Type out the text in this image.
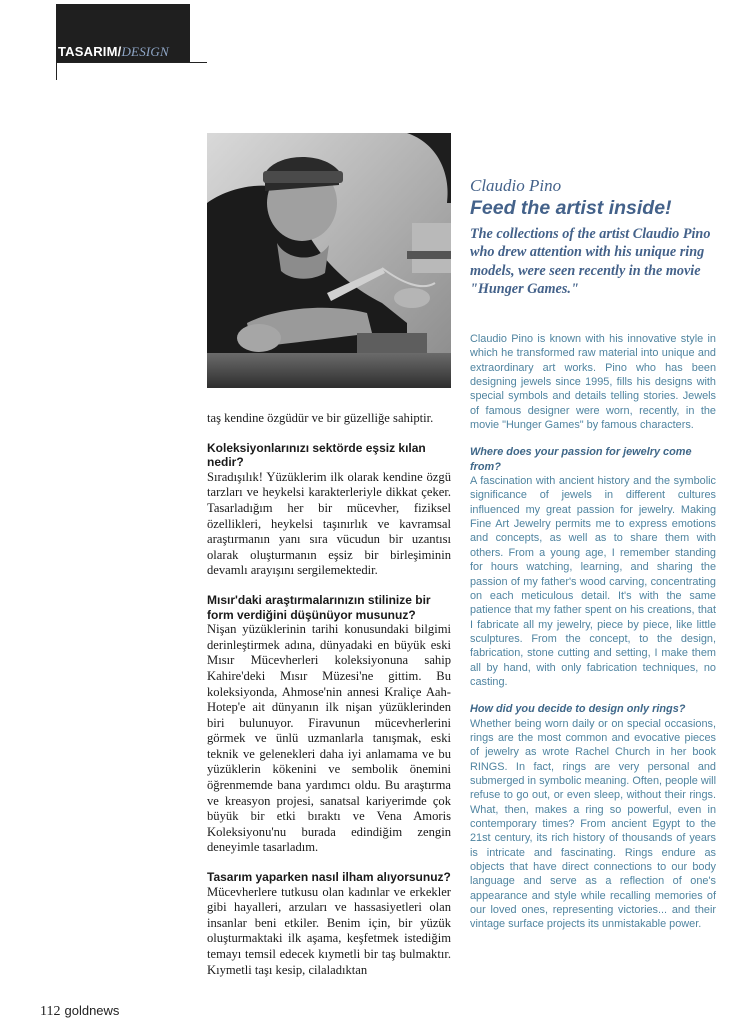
TASARIM/DESIGN

taş kendine özgüdür ve bir güzelliğe sahiptir.

Koleksiyonlarınızı sektörde eşsiz kılan nedir?

Sıradışılık! Yüzüklerim ilk olarak kendine özgü tarzları ve heykelsi karakterleriyle dikkat çeker. Tasarladığım her bir mücevher, fiziksel özellikleri, heykelsi taşınırlık ve kavramsal araştırmanın yanı sıra vücudun bir uzantısı olarak oluşturmanın eşsiz bir birleşiminin devamlı arayışını sergilemektedir.

Mısır'daki araştırmalarınızın stilinize bir form verdiğini düşünüyor musunuz?

Nişan yüzüklerinin tarihi konusundaki bilgimi derinleştirmek adına, dünyadaki en büyük eski Mısır Mücevherleri koleksiyonuna sahip Kahire'deki Mısır Müzesi'ne gittim. Bu koleksiyonda, Ahmose'nin annesi Kraliçe Aah-Hotep'e ait dünyanın ilk nişan yüzüklerinden biri bulunuyor. Firavunun mücevherlerini görmek ve ünlü uzmanlarla tanışmak, eski teknik ve gelenekleri daha iyi anlamama ve bu yüzüklerin kökenini ve sembolik önemini öğrenmemde bana yardımcı oldu. Bu araştırma ve kreasyon projesi, sanatsal kariyerimde çok büyük bir etki bıraktı ve Vena Amoris Koleksiyonu'nu burada edindiğim zengin deneyimle tasarladım.

Tasarım yaparken nasıl ilham alıyorsunuz?

Mücevherlere tutkusu olan kadınlar ve erkekler gibi hayalleri, arzuları ve hassasiyetleri olan insanlar beni etkiler. Benim için, bir yüzük oluşturmaktaki ilk aşama, keşfetmek istediğim temayı temsil edecek kıymetli bir taş bulmaktır. Kıymetli taşı kesip, cilaladıktan

Claudio Pino
Feed the artist inside!
The collections of the artist Claudio Pino who drew attention with his unique ring models, were seen recently in the movie "Hunger Games."

Claudio Pino is known with his innovative style in which he transformed raw material into unique and extraordinary art works. Pino who has been designing jewels since 1995, fills his designs with special symbols and details telling stories. Jewels of famous designer were worn, recently, in the movie "Hunger Games" by famous characters.

Where does your passion for jewelry come from?

A fascination with ancient history and the symbolic significance of jewels in different cultures influenced my great passion for jewelry. Making Fine Art Jewelry permits me to express emotions and concepts, as well as to share them with others. From a young age, I remember standing for hours watching, learning, and sharing the passion of my father's wood carving, concentrating on each meticulous detail. It's with the same patience that my father spent on his creations, that I fabricate all my jewelry, piece by piece, like little sculptures. From the concept, to the design, fabrication, stone cutting and setting, I make them all by hand, with only fabrication techniques, no casting.

How did you decide to design only rings?

Whether being worn daily or on special occasions, rings are the most common and evocative pieces of jewelry as wrote Rachel Church in her book RINGS. In fact, rings are very personal and submerged in symbolic meaning. Often, people will refuse to go out, or even sleep, without their rings. What, then, makes a ring so powerful, even in contemporary times? From ancient Egypt to the 21st century, its rich history of thousands of years is intricate and fascinating. Rings endure as objects that have direct connections to our body language and serve as a reflection of one's appearance and style while recalling memories of our loved ones, representing victories... and their vintage surface projects its unmistakable power.

112 goldnews
